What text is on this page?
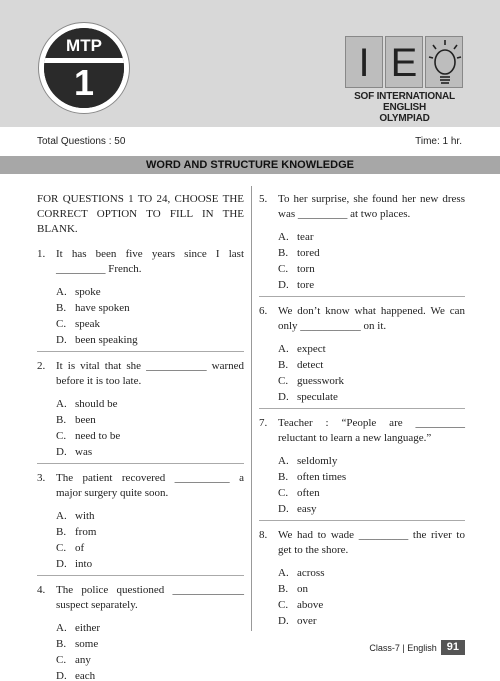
MTP
1	I E
SOF INTERNATIONAL ENGLISH
OLYMPIAD
Total Questions : 50	Time: 1 hr.
WORD AND STRUCTURE KNOWLEDGE
FOR QUESTIONS 1 TO 24, CHOOSE THE CORRECT OPTION TO FILL IN THE BLANK.
1. It has been five years since I last _________ French.
A. spoke
B. have spoken
C. speak
D. been speaking
2. It is vital that she ___________ warned before it is too late.
A. should be
B. been
C. need to be
D. was
3. The patient recovered __________ a major surgery quite soon.
A. with
B. from
C. of
D. into
4. The police questioned _____________ suspect separately.
A. either
B. some
C. any
D. each
5. To her surprise, she found her new dress was _________ at two places.
A. tear
B. tored
C. torn
D. tore
6. We don’t know what happened. We can only ___________ on it.
A. expect
B. detect
C. guesswork
D. speculate
7. Teacher : “People are _________ reluctant to learn a new language.”
A. seldomly
B. often times
C. often
D. easy
8. We had to wade _________ the river to get to the shore.
A. across
B. on
C. above
D. over
Class-7 | English 91
